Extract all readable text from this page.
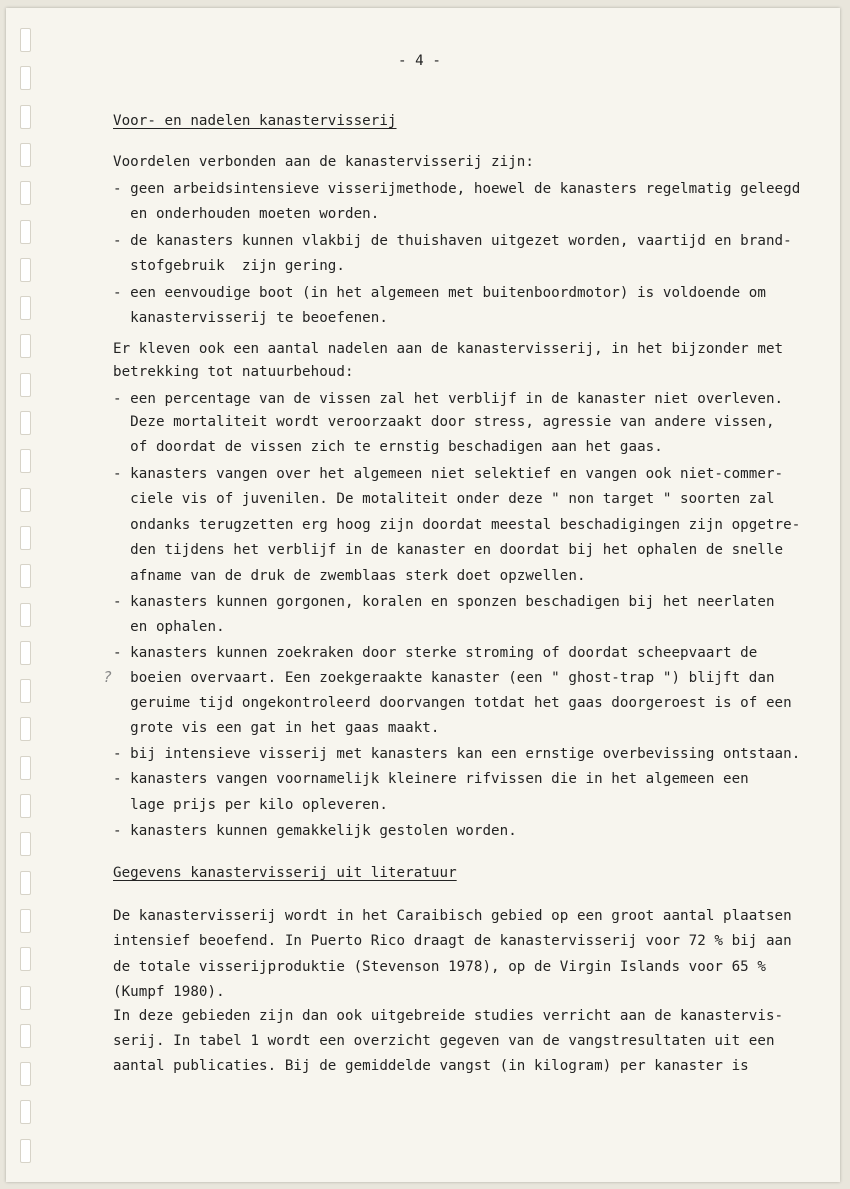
- 4 -
Voor- en nadelen kanastervisserij
Voordelen verbonden aan de kanastervisserij zijn:
- geen arbeidsintensieve visserijmethode, hoewel de kanasters regelmatig geleegd
en onderhouden moeten worden.
- de kanasters kunnen vlakbij de thuishaven uitgezet worden, vaartijd en brand-
stofgebruik  zijn gering.
- een eenvoudige boot (in het algemeen met buitenboordmotor) is voldoende om
kanastervisserij te beoefenen.
Er kleven ook een aantal nadelen aan de kanastervisserij, in het bijzonder met
betrekking tot natuurbehoud:
- een percentage van de vissen zal het verblijf in de kanaster niet overleven.
Deze mortaliteit wordt veroorzaakt door stress, agressie van andere vissen,
of doordat de vissen zich te ernstig beschadigen aan het gaas.
- kanasters vangen over het algemeen niet selektief en vangen ook niet-commer-
ciele vis of juvenilen. De motaliteit onder deze " non target " soorten zal
ondanks terugzetten erg hoog zijn doordat meestal beschadigingen zijn opgetre-
den tijdens het verblijf in de kanaster en doordat bij het ophalen de snelle
afname van de druk de zwemblaas sterk doet opzwellen.
- kanasters kunnen gorgonen, koralen en sponzen beschadigen bij het neerlaten
en ophalen.
- kanasters kunnen zoekraken door sterke stroming of doordat scheepvaart de
boeien overvaart. Een zoekgeraakte kanaster (een " ghost-trap ") blijft dan
geruime tijd ongekontroleerd doorvangen totdat het gaas doorgeroest is of een
grote vis een gat in het gaas maakt.
- bij intensieve visserij met kanasters kan een ernstige overbevissing ontstaan.
- kanasters vangen voornamelijk kleinere rifvissen die in het algemeen een
lage prijs per kilo opleveren.
- kanasters kunnen gemakkelijk gestolen worden.
?
Gegevens kanastervisserij uit literatuur
De kanastervisserij wordt in het Caraibisch gebied op een groot aantal plaatsen
intensief beoefend. In Puerto Rico draagt de kanastervisserij voor 72 % bij aan
de totale visserijproduktie (Stevenson 1978), op de Virgin Islands voor 65 %
(Kumpf 1980).
In deze gebieden zijn dan ook uitgebreide studies verricht aan de kanastervis-
serij. In tabel 1 wordt een overzicht gegeven van de vangstresultaten uit een
aantal publicaties. Bij de gemiddelde vangst (in kilogram) per kanaster is
